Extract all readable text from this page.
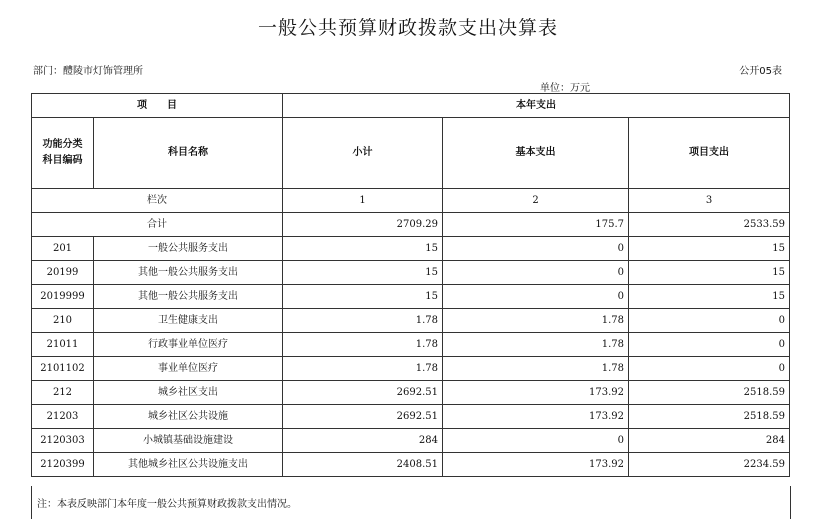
一般公共预算财政拨款支出决算表
部门：醴陵市灯饰管理所	公开05表
单位：万元
项　　目		本年支出		
功能分类
科目编码	科目名称	小计	基本支出	项目支出
栏次		1	2	3
合计		2709.29	175.7	2533.59
201	一般公共服务支出	15	0	15
20199	其他一般公共服务支出	15	0	15
2019999	其他一般公共服务支出	15	0	15
210	卫生健康支出	1.78	1.78	0
21011	行政事业单位医疗	1.78	1.78	0
2101102	事业单位医疗	1.78	1.78	0
212	城乡社区支出	2692.51	173.92	2518.59
21203	城乡社区公共设施	2692.51	173.92	2518.59
2120303	小城镇基础设施建设	284	0	284
2120399	其他城乡社区公共设施支出	2408.51	173.92	2234.59
注：本表反映部门本年度一般公共预算财政拨款支出情况。
